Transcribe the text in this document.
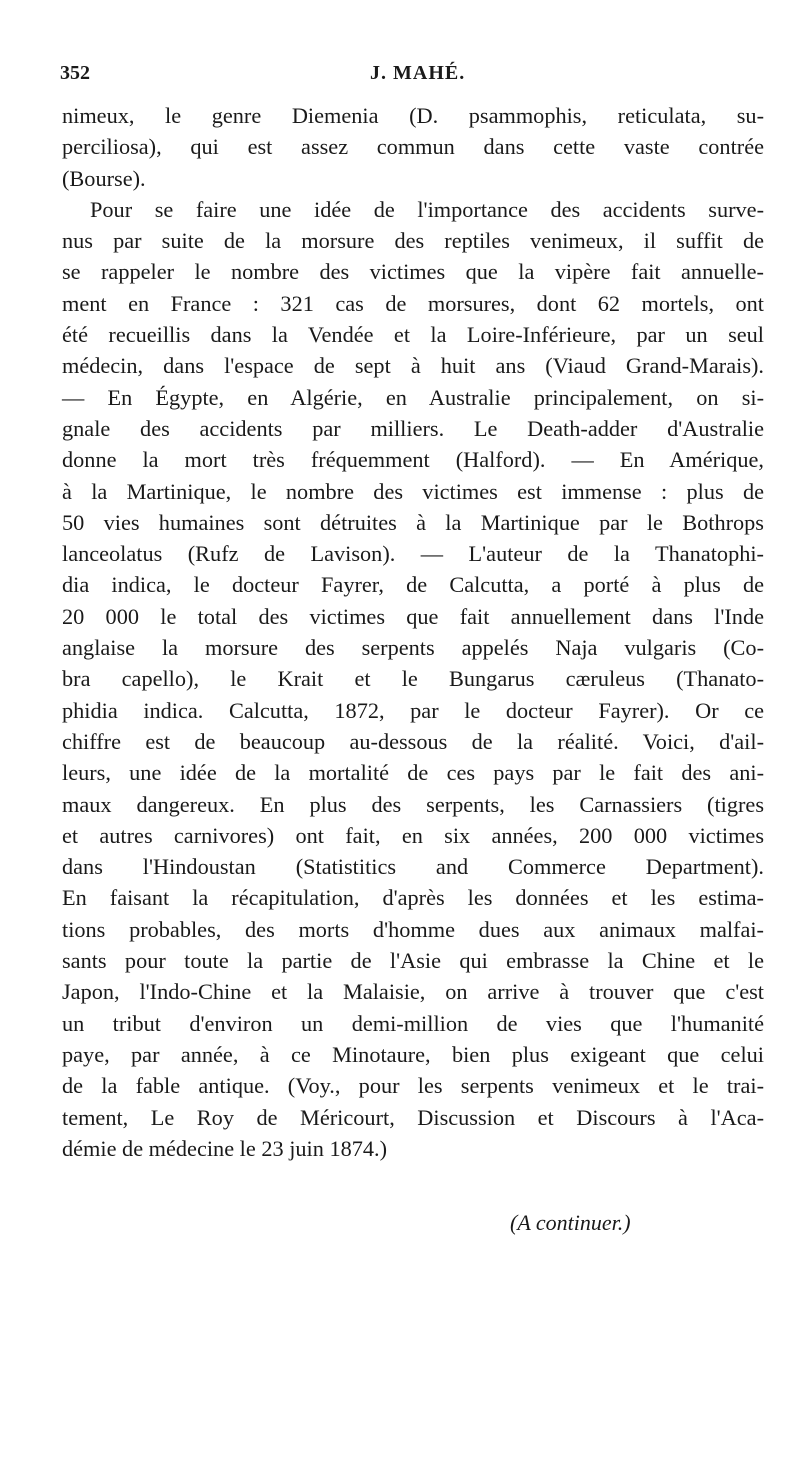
352	J. MAHÉ.
nimeux, le genre Diemenia (D. psammophis, reticulata, su-
perciliosa), qui est assez commun dans cette vaste contrée
(Bourse).
Pour se faire une idée de l'importance des accidents surve-
nus par suite de la morsure des reptiles venimeux, il suffit de
se rappeler le nombre des victimes que la vipère fait annuelle-
ment en France : 321 cas de morsures, dont 62 mortels, ont
été recueillis dans la Vendée et la Loire-Inférieure, par un seul
médecin, dans l'espace de sept à huit ans (Viaud Grand-Marais).
— En Égypte, en Algérie, en Australie principalement, on si-
gnale des accidents par milliers. Le Death-adder d'Australie
donne la mort très fréquemment (Halford). — En Amérique,
à la Martinique, le nombre des victimes est immense : plus de
50 vies humaines sont détruites à la Martinique par le Bothrops
lanceolatus (Rufz de Lavison). — L'auteur de la Thanatophi-
dia indica, le docteur Fayrer, de Calcutta, a porté à plus de
20 000 le total des victimes que fait annuellement dans l'Inde
anglaise la morsure des serpents appelés Naja vulgaris (Co-
bra capello), le Krait et le Bungarus cæruleus (Thanato-
phidia indica. Calcutta, 1872, par le docteur Fayrer). Or ce
chiffre est de beaucoup au-dessous de la réalité. Voici, d'ail-
leurs, une idée de la mortalité de ces pays par le fait des ani-
maux dangereux. En plus des serpents, les Carnassiers (tigres
et autres carnivores) ont fait, en six années, 200 000 victimes
dans l'Hindoustan (Statistitics and Commerce Department).
En faisant la récapitulation, d'après les données et les estima-
tions probables, des morts d'homme dues aux animaux malfai-
sants pour toute la partie de l'Asie qui embrasse la Chine et le
Japon, l'Indo-Chine et la Malaisie, on arrive à trouver que c'est
un tribut d'environ un demi-million de vies que l'humanité
paye, par année, à ce Minotaure, bien plus exigeant que celui
de la fable antique. (Voy., pour les serpents venimeux et le trai-
tement, Le Roy de Méricourt, Discussion et Discours à l'Aca-
démie de médecine le 23 juin 1874.)
(A continuer.)
